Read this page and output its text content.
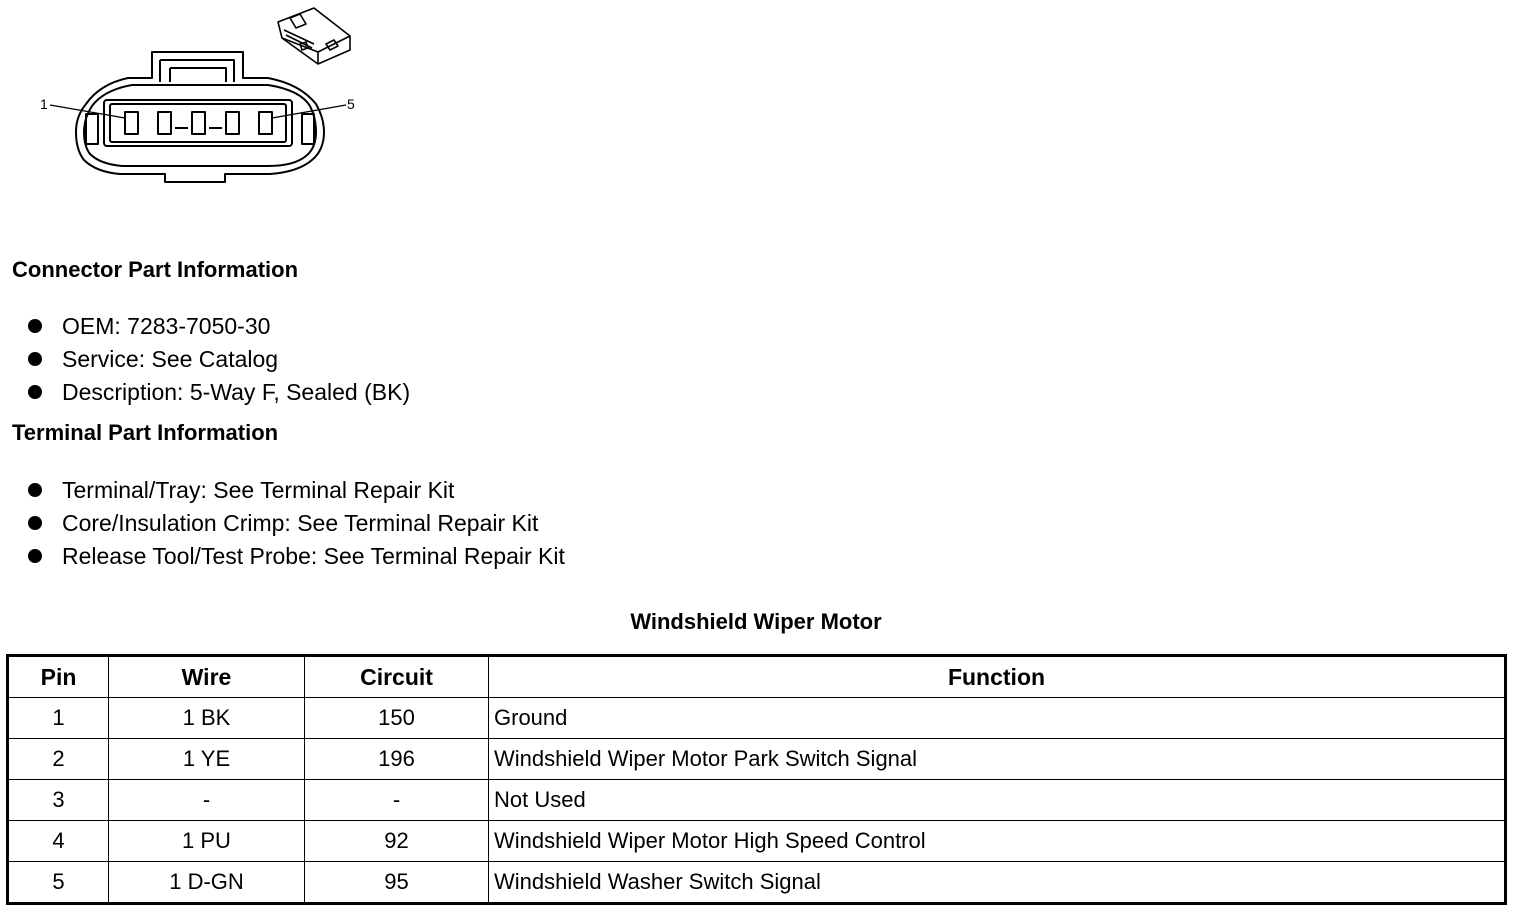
1	5
Connector Part Information
OEM: 7283-7050-30
Service: See Catalog
Description: 5-Way F, Sealed (BK)
Terminal Part Information
Terminal/Tray: See Terminal Repair Kit
Core/Insulation Crimp: See Terminal Repair Kit
Release Tool/Test Probe: See Terminal Repair Kit
Windshield Wiper Motor
Pin	Wire	Circuit	Function
1	1 BK	150	Ground
2	1 YE	196	Windshield Wiper Motor Park Switch Signal
3	-	-	Not Used
4	1 PU	92	Windshield Wiper Motor High Speed Control
5	1 D-GN	95	Windshield Washer Switch Signal
